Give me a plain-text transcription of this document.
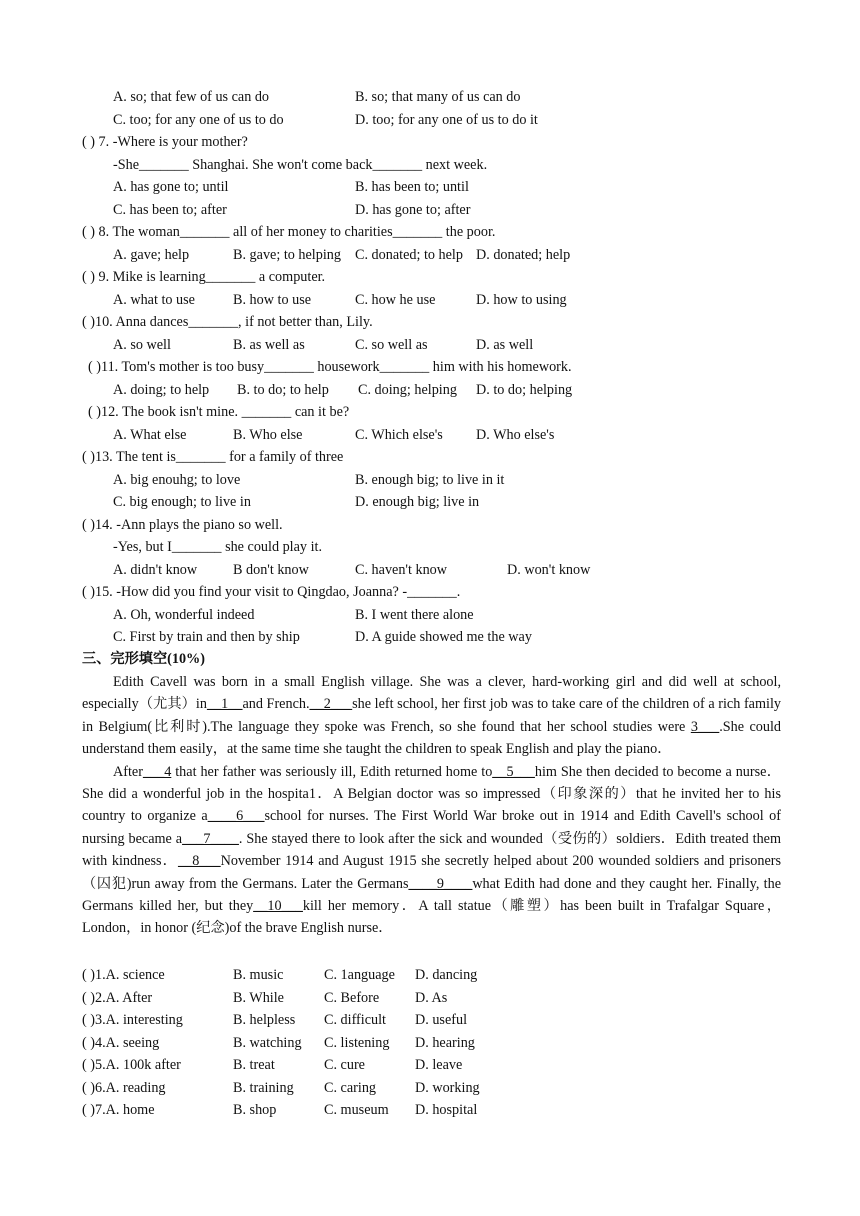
A. so; that few of us can do	B. so; that many of us can do
C. too; for any one of us to do	D. too; for any one of us to do it
( ) 7. -Where is your mother?
-She_______ Shanghai. She won't come back_______ next week.
A. has gone to; until	B. has been to; until
C. has been to; after	D. has gone to; after
( ) 8. The woman_______ all of her money to charities_______ the poor.
A. gave; help	B. gave; to helping C. donated; to help D. donated; help
( ) 9. Mike is learning_______ a computer.
A. what to use	B. how to use	C. how he use	D. how to using
( )10. Anna dances_______, if not better than, Lily.
A. so well	B. as well as	C. so well as	D. as well
( )11. Tom's mother is too busy_______ housework_______ him with his homework.
A. doing; to help B. to do; to help C. doing; helping D. to do; helping
( )12. The book isn't mine. _______ can it be?
A. What else	B. Who else	C. Which else's D. Who else's
( )13. The tent is_______ for a family of three
A. big enouhg; to love	B. enough big; to live in it
C. big enough; to live in	D. enough big; live in
( )14. -Ann plays the piano so well.
-Yes, but I_______ she could play it.
A. didn't know	B don't know	C. haven't know	D. won't know
( )15. -How did you find your visit to Qingdao, Joanna? -_______.
A. Oh, wonderful indeed	B. I went there alone
C. First by train and then by ship	D. A guide showed me the way
三、完形填空(10%)

Edith Cavell was born in a small English village. She was a clever, hard-working girl and did well at school, especially（尤其）in__1__and French.__2___she left school, her first job was to take care of the children of a rich family in Belgium(比利时).The language they spoke was French, so she found that her school studies were 3___.She could understand them easily，at the same time she taught the children to speak English and play the piano．

After___4 that her father was seriously ill, Edith returned home to__5___him She then decided to become a nurse．She did a wonderful job in the hospita1．A Belgian doctor was so impressed（印象深的）that he invited her to his country to organize a____6___school for nurses. The First World War broke out in 1914 and Edith Cavell's school of nursing became a___7____. She stayed there to look after the sick and wounded（受伤的）soldiers．Edith treated them with kindness．__8___November 1914 and August 1915 she secretly helped about 200 wounded soldiers and prisoners（囚犯)run away from the Germans. Later the Germans____9____what Edith had done and they caught her. Finally, the Germans killed her, but they__10___kill her memory．A tall statue（雕塑）has been built in Trafalgar Square，London，in honor (纪念)of the brave English nurse．

( )1.A. science	B. music	C. 1anguage D. dancing
( )2.A. After	B. While	C. Before	D. As
( )3.A. interesting	B. helpless C. difficult D. useful
( )4.A. seeing	B. watching C. listening D. hearing
( )5.A. 100k after	B. treat	C. cure	D. leave
( )6.A. reading	B. training C. caring	D. working
( )7.A. home	B. shop	C. museum D. hospital
